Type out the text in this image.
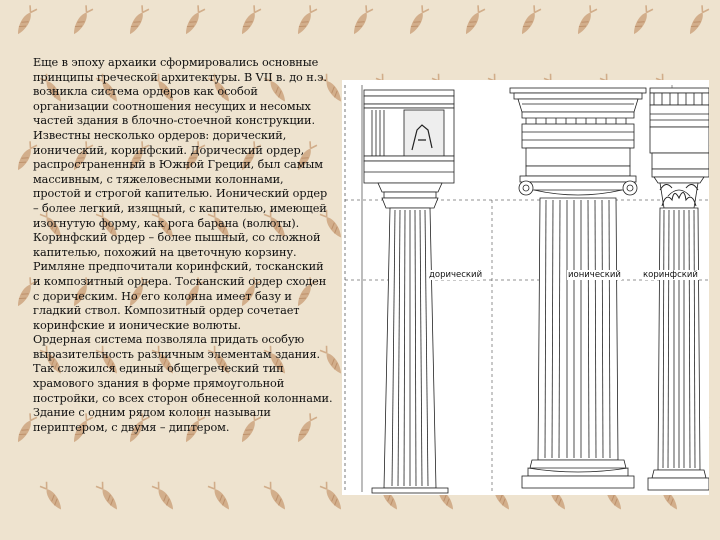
Еще в эпоху архаики сформировались основные принципы греческой архитектуры. В VII в. до н.э. возникла система ордеров как особой организации соотношения несущих и несомых частей здания в блочно-стоечной конструкции. Известны несколько ордеров: дорический, ионический, коринфский. Дорический ордер, распространенный в Южной Греции, был самым массивным, с тяжеловесными колоннами, простой и строгой капителью. Ионический ордер – более легкий, изящный, с капителью, имеющей изогнутую форму, как рога барана (волюты). Коринфский ордер – более пышный, со сложной капителью, похожий на цветочную корзину. Римляне предпочитали коринфский, тосканский и композитный ордера. Тосканский ордер сходен с дорическим. Но его колонна имеет базу и гладкий ствол. Композитный ордер сочетает коринфские и ионические волюты.
Ордерная система позволяла придать особую выразительность различным элементам здания. Так сложился единый общегреческий тип храмового здания в форме прямоугольной постройки, со всех сторон обнесенной колоннами. Здание с одним рядом колонн называли периптером, с двумя – диптером.
дорический	ионический	коринфский
